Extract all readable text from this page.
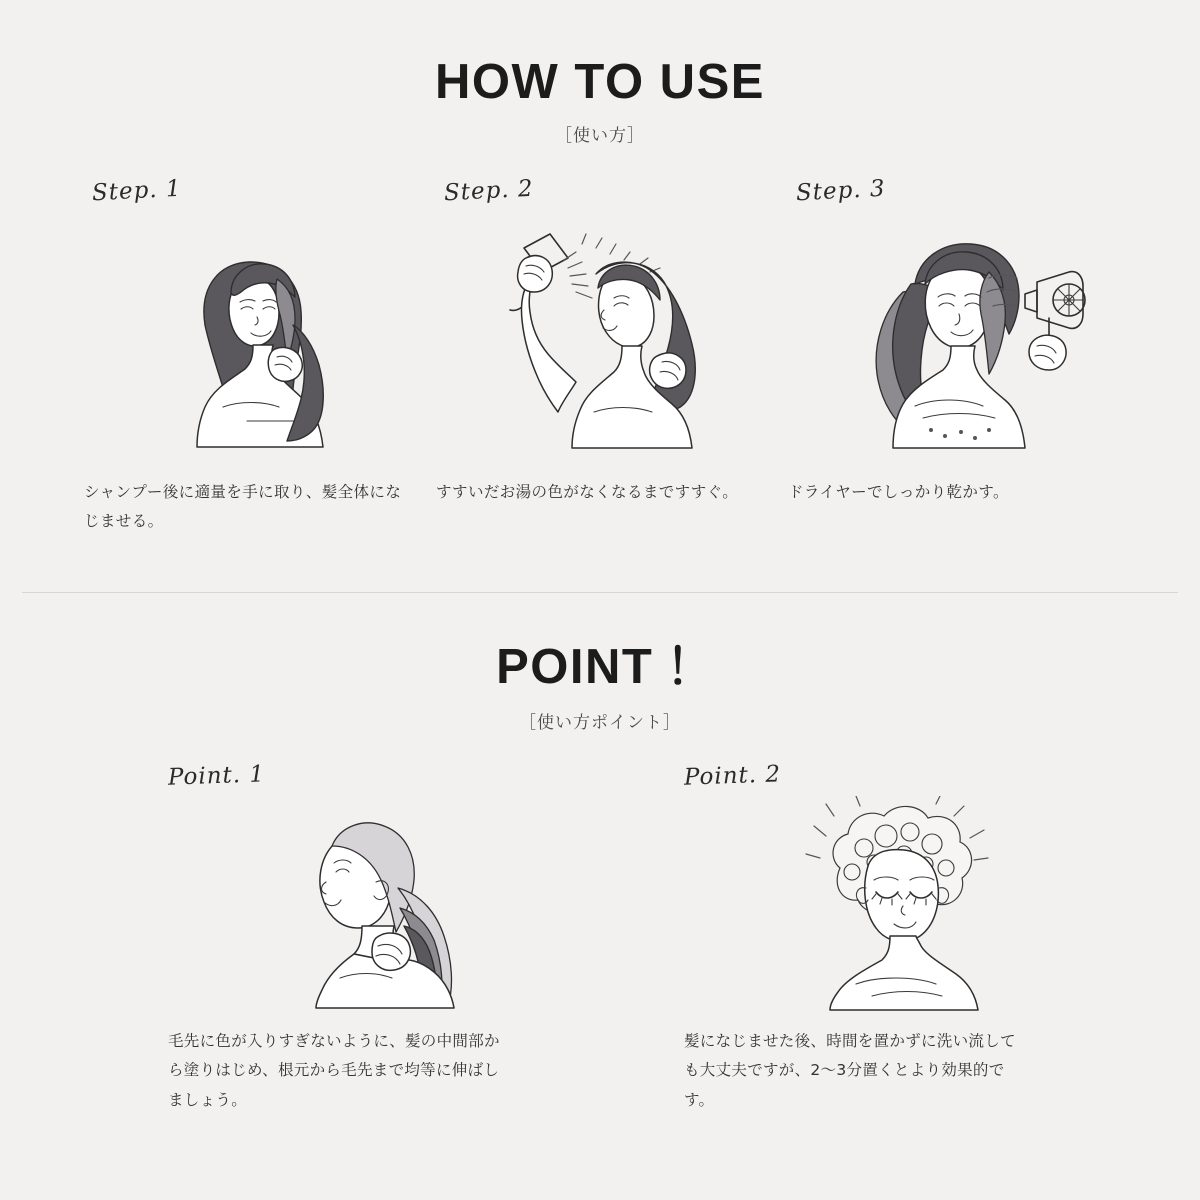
HOW TO USE
［使い方］
Step. 1
シャンプー後に適量を手に取り、髪全体になじませる。
Step. 2
すすいだお湯の色がなくなるまですすぐ。
Step. 3
ドライヤーでしっかり乾かす。
POINT！
［使い方ポイント］
Point. 1
毛先に色が入りすぎないように、髪の中間部から塗りはじめ、根元から毛先まで均等に伸ばしましょう。
Point. 2
髪になじませた後、時間を置かずに洗い流しても大丈夫ですが、2〜3分置くとより効果的です。
